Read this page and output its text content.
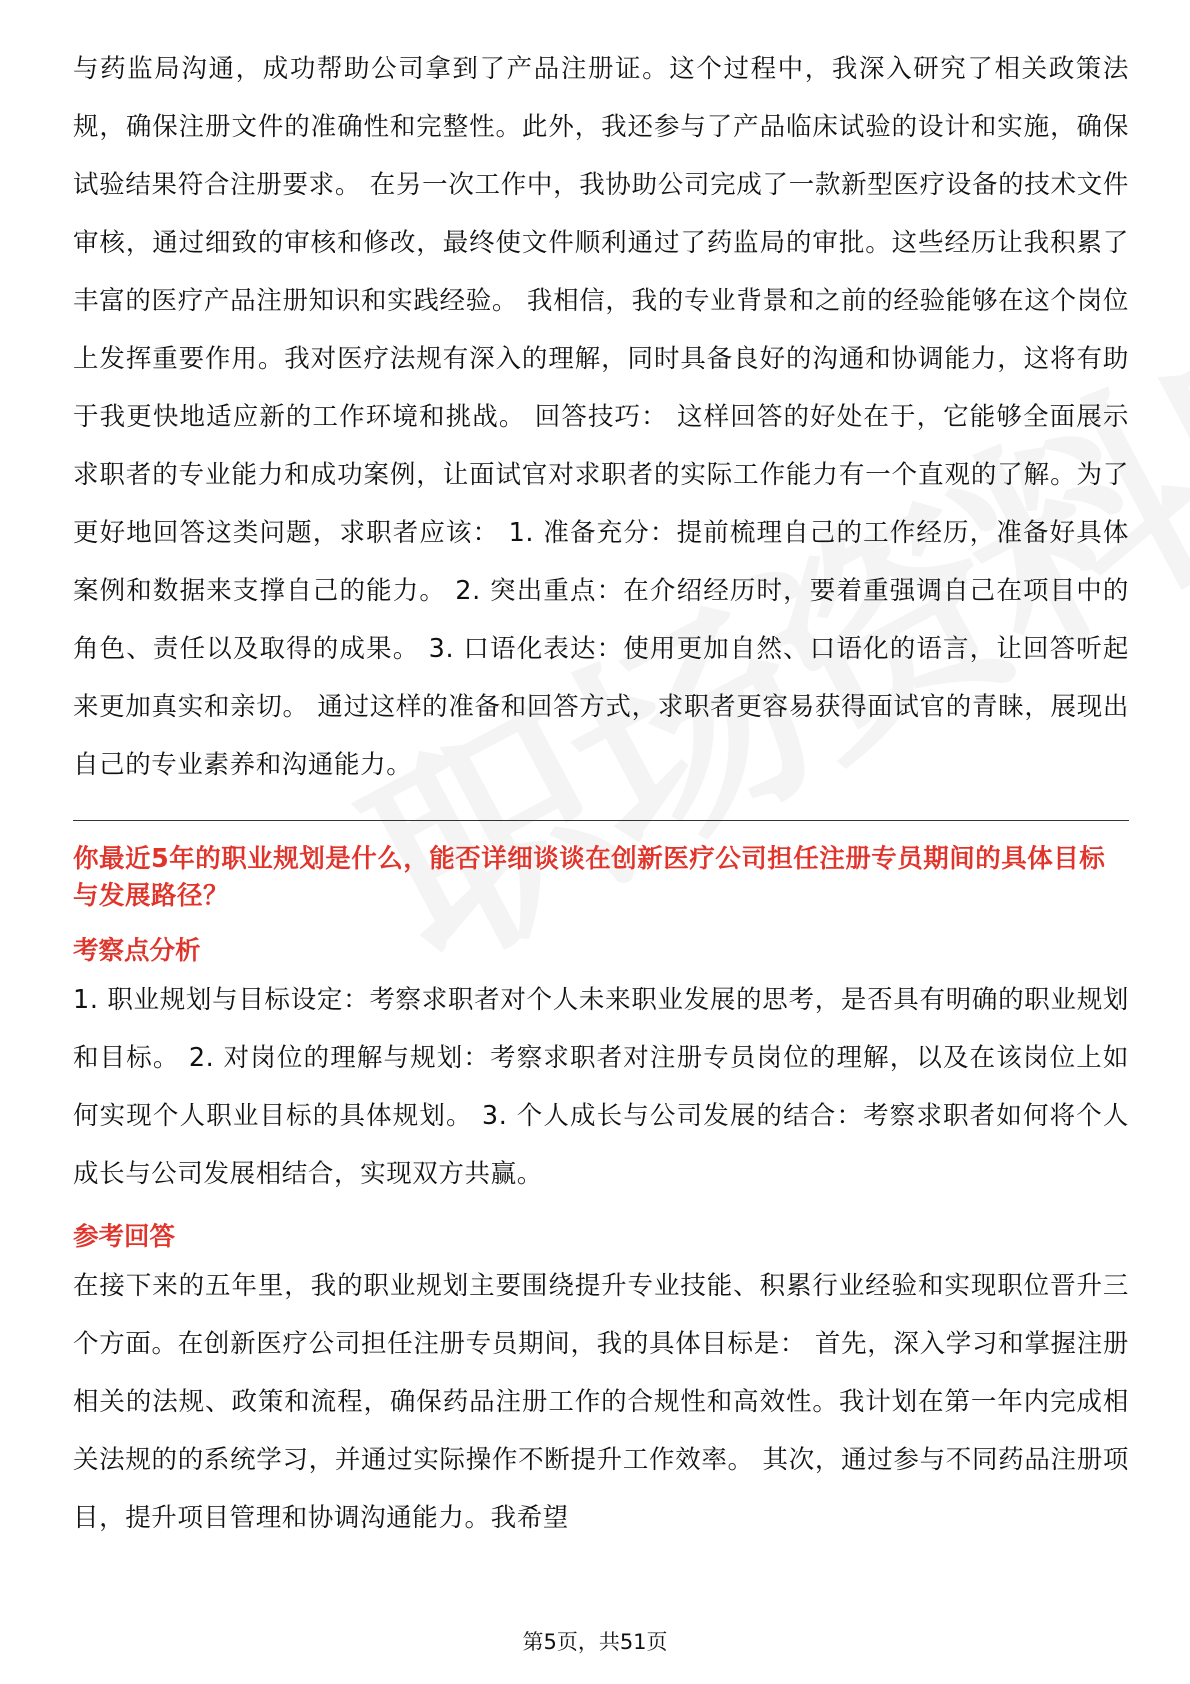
与药监局沟通，成功帮助公司拿到了产品注册证。这个过程中，我深入研究了相关政策法规，确保注册文件的准确性和完整性。此外，我还参与了产品临床试验的设计和实施，确保试验结果符合注册要求。 在另一次工作中，我协助公司完成了一款新型医疗设备的技术文件审核，通过细致的审核和修改，最终使文件顺利通过了药监局的审批。这些经历让我积累了丰富的医疗产品注册知识和实践经验。 我相信，我的专业背景和之前的经验能够在这个岗位上发挥重要作用。我对医疗法规有深入的理解，同时具备良好的沟通和协调能力，这将有助于我更快地适应新的工作环境和挑战。 回答技巧： 这样回答的好处在于，它能够全面展示求职者的专业能力和成功案例，让面试官对求职者的实际工作能力有一个直观的了解。为了更好地回答这类问题，求职者应该： 1. 准备充分：提前梳理自己的工作经历，准备好具体案例和数据来支撑自己的能力。 2. 突出重点：在介绍经历时，要着重强调自己在项目中的角色、责任以及取得的成果。 3. 口语化表达：使用更加自然、口语化的语言，让回答听起来更加真实和亲切。 通过这样的准备和回答方式，求职者更容易获得面试官的青睐，展现出自己的专业素养和沟通能力。

你最近5年的职业规划是什么，能否详细谈谈在创新医疗公司担任注册专员期间的具体目标与发展路径？

考察点分析

1. 职业规划与目标设定：考察求职者对个人未来职业发展的思考，是否具有明确的职业规划和目标。 2. 对岗位的理解与规划：考察求职者对注册专员岗位的理解，以及在该岗位上如何实现个人职业目标的具体规划。 3. 个人成长与公司发展的结合：考察求职者如何将个人成长与公司发展相结合，实现双方共赢。

参考回答

在接下来的五年里，我的职业规划主要围绕提升专业技能、积累行业经验和实现职位晋升三个方面。在创新医疗公司担任注册专员期间，我的具体目标是： 首先，深入学习和掌握注册相关的法规、政策和流程，确保药品注册工作的合规性和高效性。我计划在第一年内完成相关法规的的系统学习，并通过实际操作不断提升工作效率。 其次，通过参与不同药品注册项目，提升项目管理和协调沟通能力。我希望

第5页，共51页
